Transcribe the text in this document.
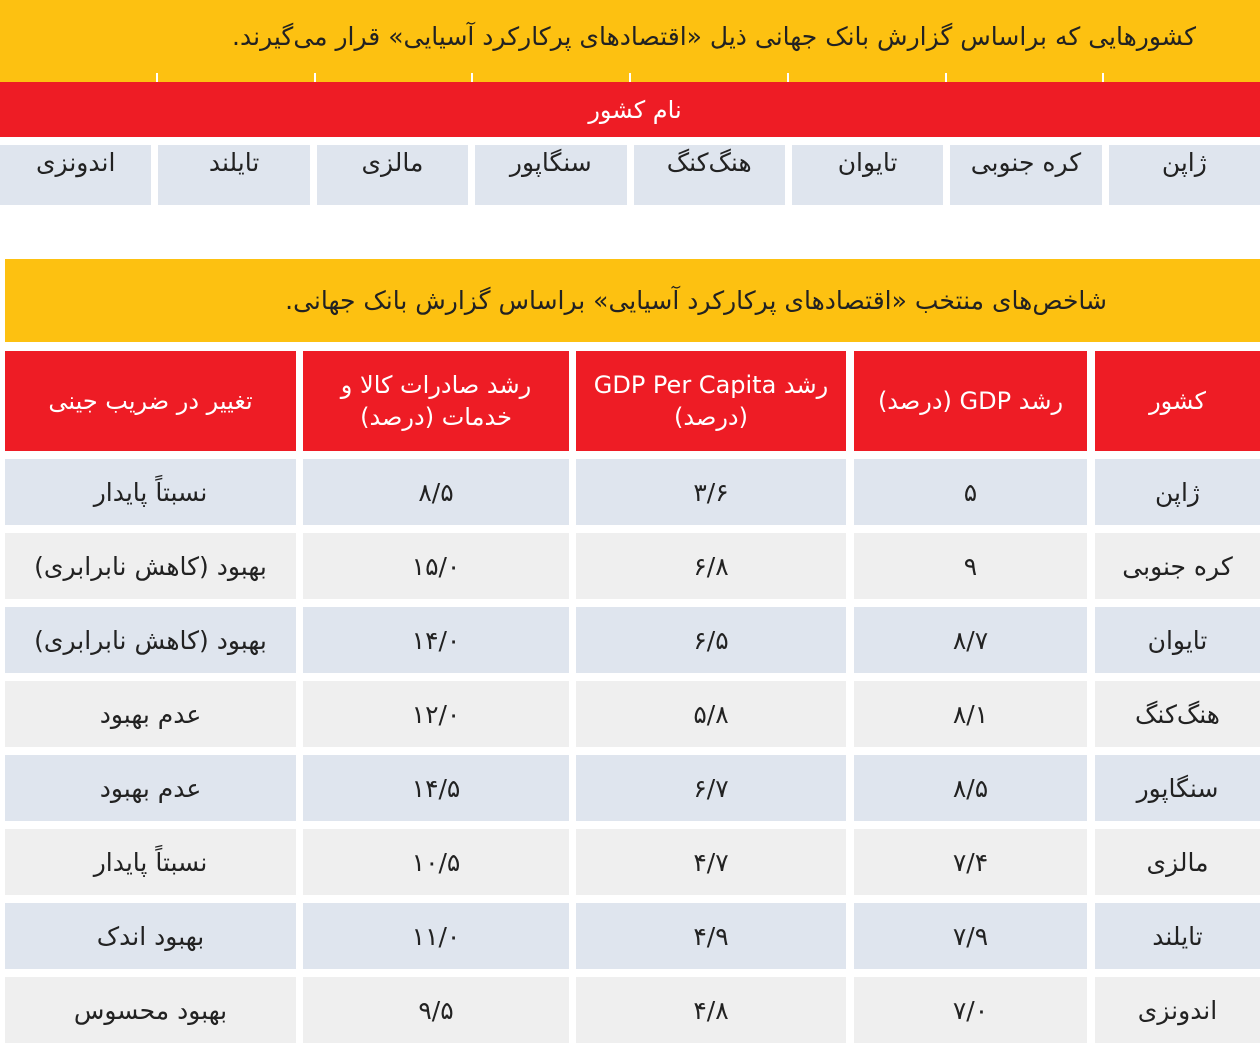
کشورهایی که براساس گزارش بانک جهانی ذیل «اقتصادهای پرکارکرد آسیایی» قرار می‌گیرند.
نام کشور
ژاپن
کره جنوبی
تایوان
هنگ‌کنگ
سنگاپور
مالزی
تایلند
اندونزی
شاخص‌های منتخب «اقتصادهای پرکارکرد آسیایی» براساس گزارش بانک جهانی.
کشور
رشد GDP (درصد)
رشد GDP Per Capita (درصد)
رشد صادرات کالا و خدمات (درصد)
تغییر در ضریب جینی
ژاپن
۵
۳/۶
۸/۵
نسبتاً پایدار
کره جنوبی
۹
۶/۸
۱۵/۰
بهبود (کاهش نابرابری)
تایوان
۸/۷
۶/۵
۱۴/۰
بهبود (کاهش نابرابری)
هنگ‌کنگ
۸/۱
۵/۸
۱۲/۰
عدم بهبود
سنگاپور
۸/۵
۶/۷
۱۴/۵
عدم بهبود
مالزی
۷/۴
۴/۷
۱۰/۵
نسبتاً پایدار
تایلند
۷/۹
۴/۹
۱۱/۰
بهبود اندک
اندونزی
۷/۰
۴/۸
۹/۵
بهبود محسوس
